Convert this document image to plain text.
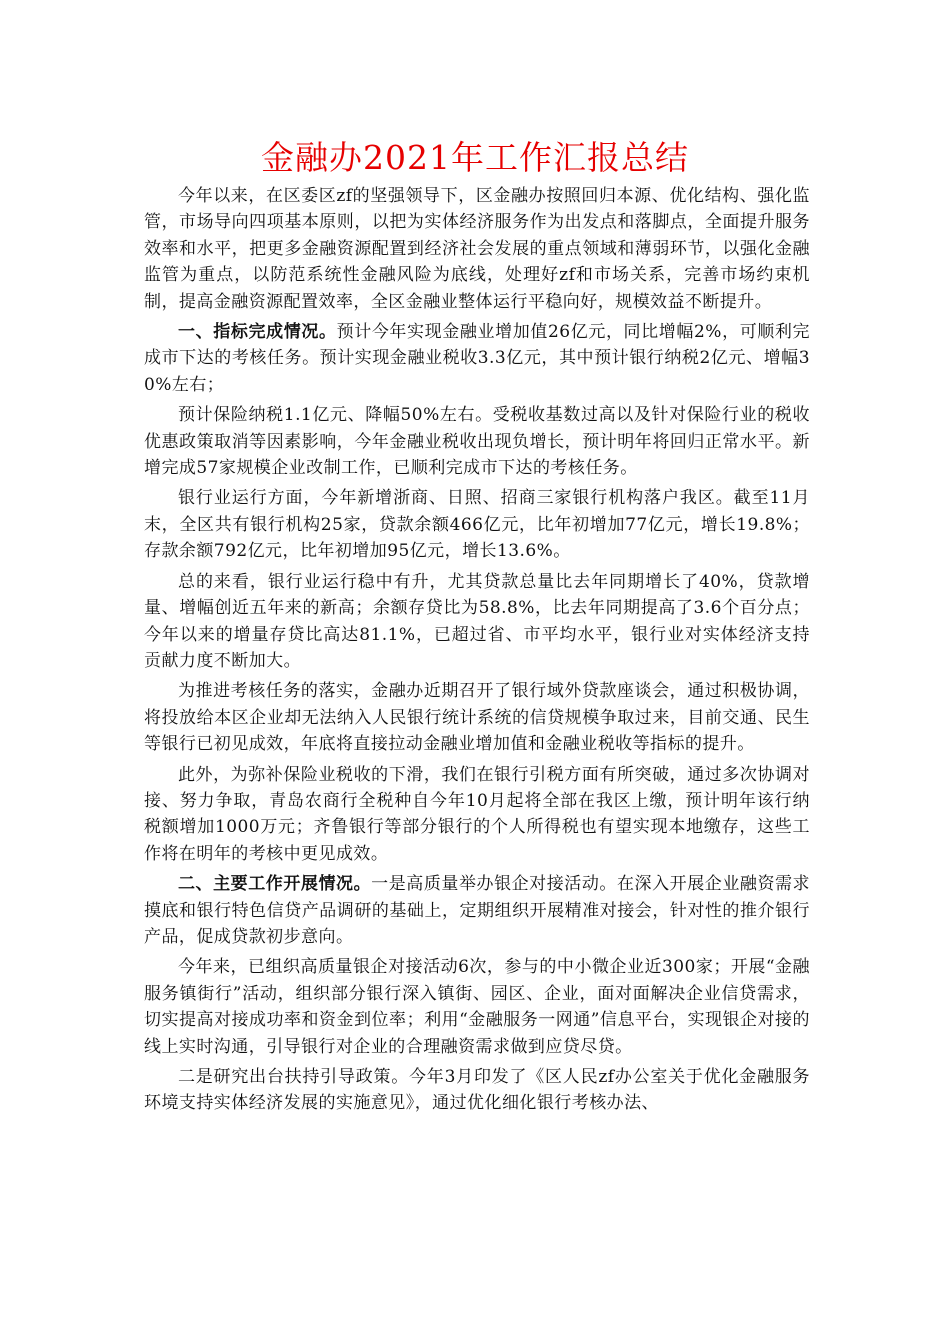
金融办2021年工作汇报总结

今年以来，在区委区zf的坚强领导下，区金融办按照回归本源、优化结构、强化监管，市场导向四项基本原则，以把为实体经济服务作为出发点和落脚点，全面提升服务效率和水平，把更多金融资源配置到经济社会发展的重点领域和薄弱环节，以强化金融监管为重点，以防范系统性金融风险为底线，处理好zf和市场关系，完善市场约束机制，提高金融资源配置效率，全区金融业整体运行平稳向好，规模效益不断提升。

一、指标完成情况。预计今年实现金融业增加值26亿元，同比增幅2%，可顺利完成市下达的考核任务。预计实现金融业税收3.3亿元，其中预计银行纳税2亿元、增幅30%左右；

预计保险纳税1.1亿元、降幅50%左右。受税收基数过高以及针对保险行业的税收优惠政策取消等因素影响，今年金融业税收出现负增长，预计明年将回归正常水平。新增完成57家规模企业改制工作，已顺利完成市下达的考核任务。

银行业运行方面，今年新增浙商、日照、招商三家银行机构落户我区。截至11月末，全区共有银行机构25家，贷款余额466亿元，比年初增加77亿元，增长19.8%；存款余额792亿元，比年初增加95亿元，增长13.6%。

总的来看，银行业运行稳中有升，尤其贷款总量比去年同期增长了40%，贷款增量、增幅创近五年来的新高；余额存贷比为58.8%，比去年同期提高了3.6个百分点；今年以来的增量存贷比高达81.1%，已超过省、市平均水平，银行业对实体经济支持贡献力度不断加大。

为推进考核任务的落实，金融办近期召开了银行域外贷款座谈会，通过积极协调，将投放给本区企业却无法纳入人民银行统计系统的信贷规模争取过来，目前交通、民生等银行已初见成效，年底将直接拉动金融业增加值和金融业税收等指标的提升。

此外，为弥补保险业税收的下滑，我们在银行引税方面有所突破，通过多次协调对接、努力争取，青岛农商行全税种自今年10月起将全部在我区上缴，预计明年该行纳税额增加1000万元；齐鲁银行等部分银行的个人所得税也有望实现本地缴存，这些工作将在明年的考核中更见成效。

二、主要工作开展情况。一是高质量举办银企对接活动。在深入开展企业融资需求摸底和银行特色信贷产品调研的基础上，定期组织开展精准对接会，针对性的推介银行产品，促成贷款初步意向。

今年来，已组织高质量银企对接活动6次，参与的中小微企业近300家；开展“金融服务镇街行”活动，组织部分银行深入镇街、园区、企业，面对面解决企业信贷需求，切实提高对接成功率和资金到位率；利用“金融服务一网通”信息平台，实现银企对接的线上实时沟通，引导银行对企业的合理融资需求做到应贷尽贷。

二是研究出台扶持引导政策。今年3月印发了《区人民zf办公室关于优化金融服务环境支持实体经济发展的实施意见》，通过优化细化银行考核办法、
